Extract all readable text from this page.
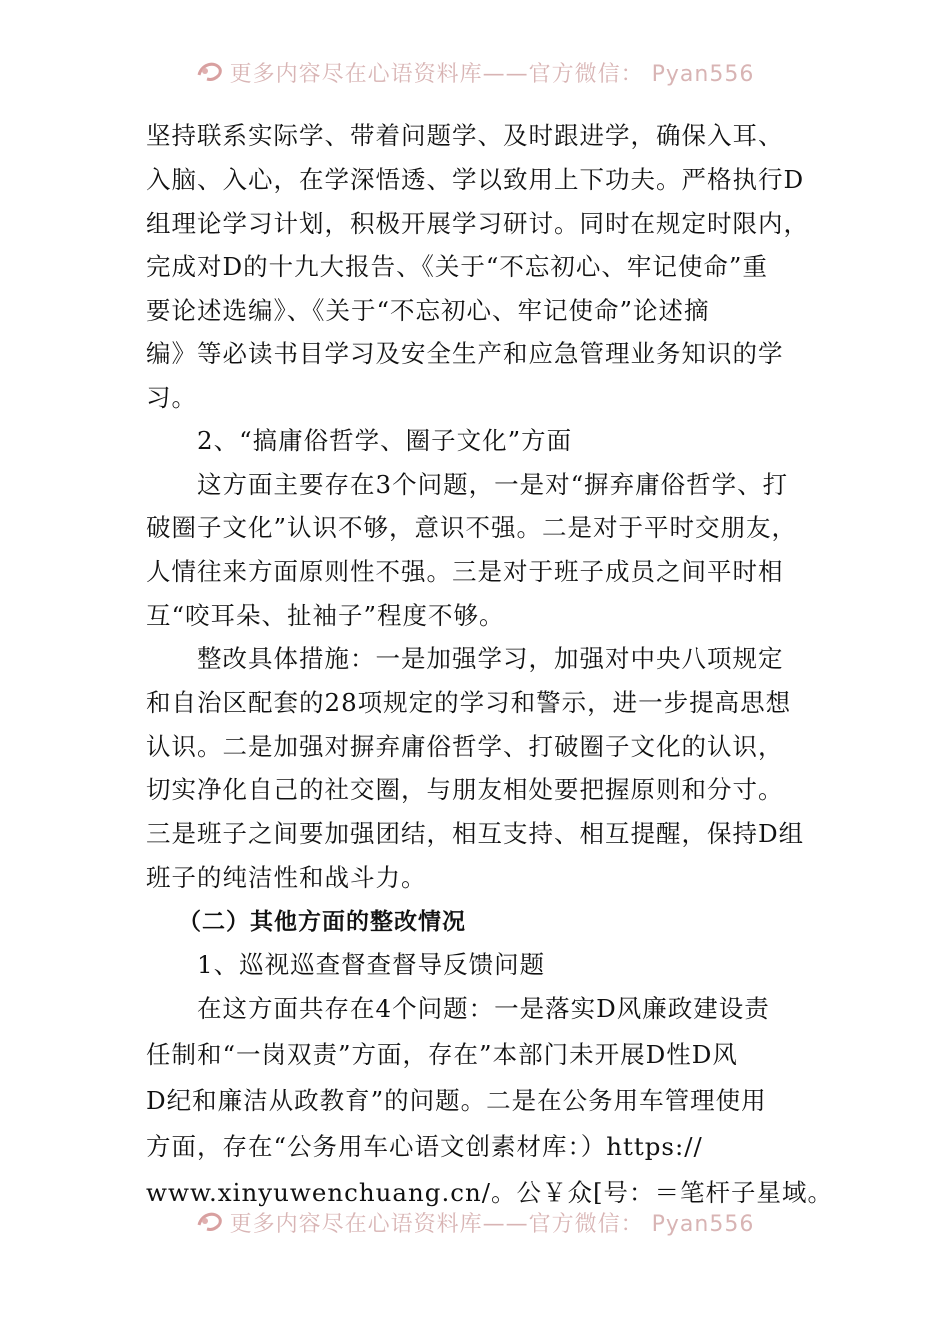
更多内容尽在心语资料库——官方微信： Pyan556
坚持联系实际学、带着问题学、及时跟进学，确保入耳、
入脑、入心，在学深悟透、学以致用上下功夫。严格执行D
组理论学习计划，积极开展学习研讨。同时在规定时限内，
完成对D的十九大报告、《关于“不忘初心、牢记使命”重
要论述选编》、《关于“不忘初心、牢记使命”论述摘
编》等必读书目学习及安全生产和应急管理业务知识的学
习。
2、“搞庸俗哲学、圈子文化”方面
这方面主要存在3个问题，一是对“摒弃庸俗哲学、打
破圈子文化”认识不够，意识不强。二是对于平时交朋友，
人情往来方面原则性不强。三是对于班子成员之间平时相
互“咬耳朵、扯袖子”程度不够。
整改具体措施：一是加强学习，加强对中央八项规定
和自治区配套的28项规定的学习和警示，进一步提高思想
认识。二是加强对摒弃庸俗哲学、打破圈子文化的认识，
切实净化自己的社交圈，与朋友相处要把握原则和分寸。
三是班子之间要加强团结，相互支持、相互提醒，保持D组
班子的纯洁性和战斗力。
（二）其他方面的整改情况
1、巡视巡查督查督导反馈问题
在这方面共存在4个问题：一是落实D风廉政建设责
任制和“一岗双责”方面，存在”本部门未开展D性D风
D纪和廉洁从政教育”的问题。二是在公务用车管理使用
方面，存在“公务用车心语文创素材库：）https://
www.xinyuwenchuang.cn/。公￥众[号：＝笔杆子星域。
更多内容尽在心语资料库——官方微信： Pyan556
